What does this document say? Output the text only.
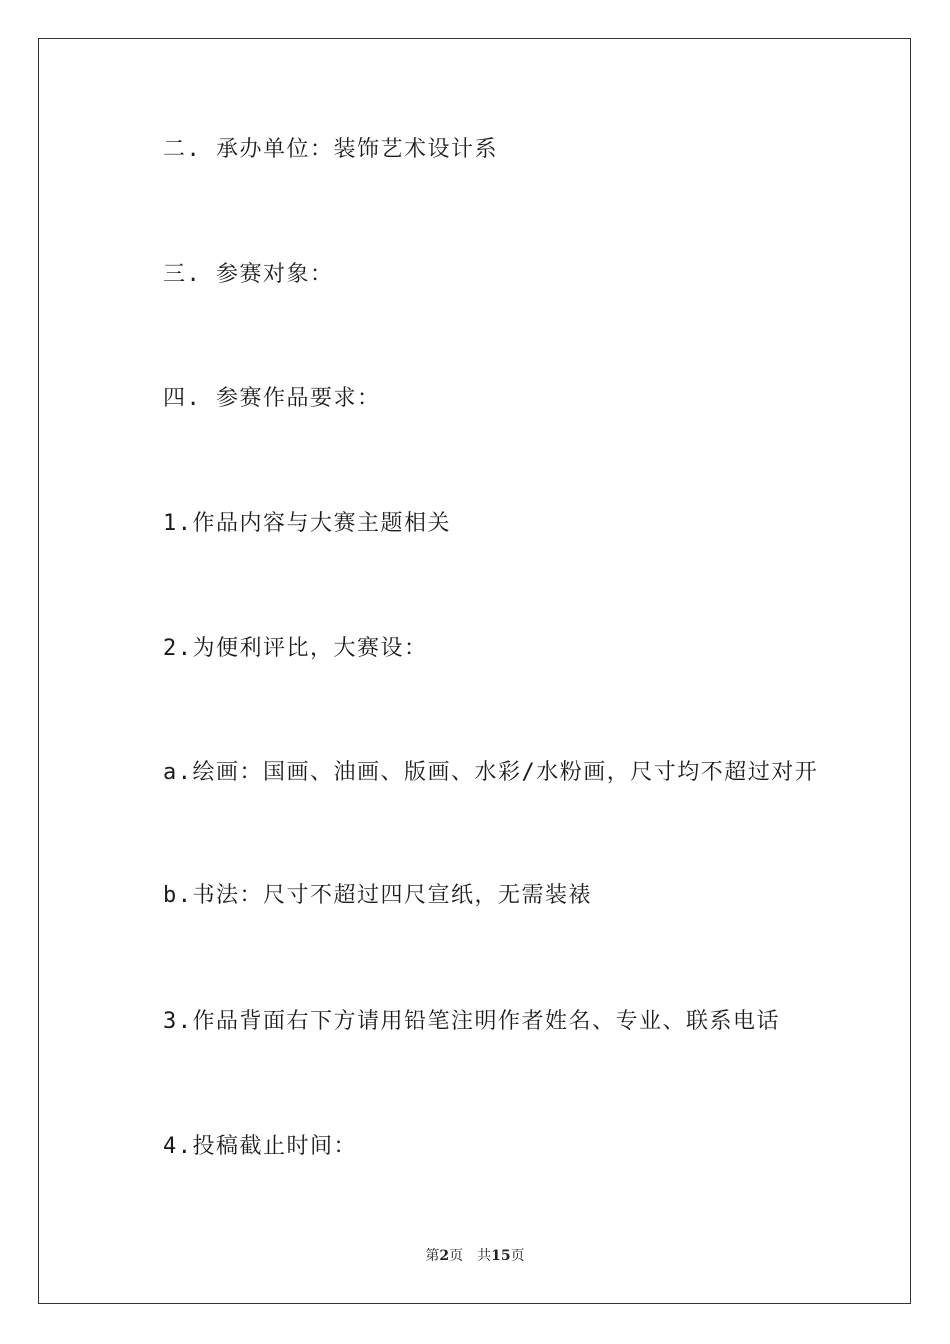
二. 承办单位：装饰艺术设计系
三. 参赛对象：
四. 参赛作品要求：
1.作品内容与大赛主题相关
2.为便利评比，大赛设：
a.绘画：国画、油画、版画、水彩/水粉画，尺寸均不超过对开
b.书法：尺寸不超过四尺宣纸，无需装裱
3.作品背面右下方请用铅笔注明作者姓名、专业、联系电话
4.投稿截止时间：
第2页 共15页
